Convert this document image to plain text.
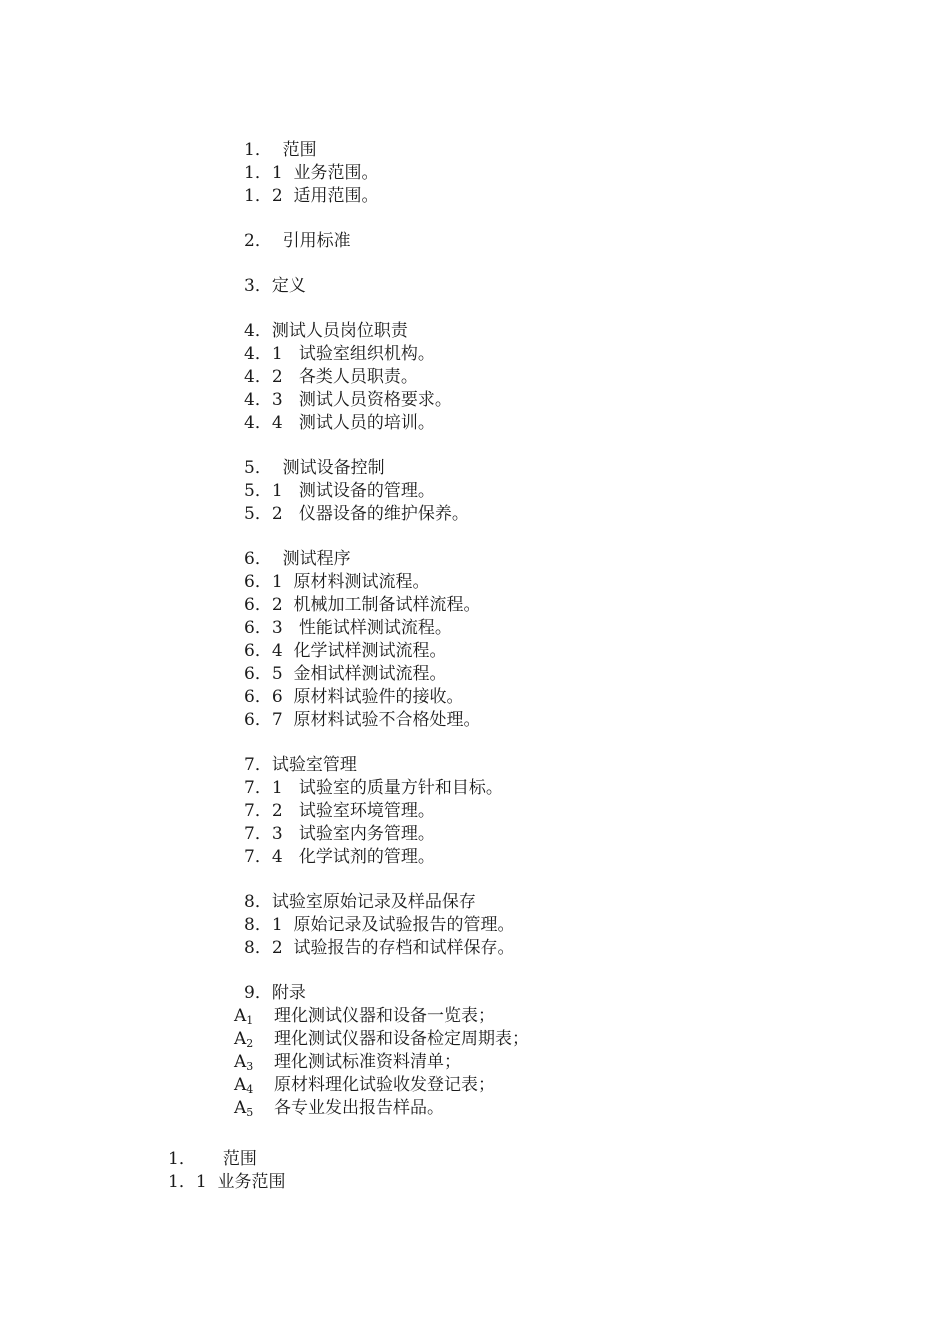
1．  范围
1．1  业务范围。
1．2  适用范围。
2．  引用标准
3．定义
4．测试人员岗位职责
4．1   试验室组织机构。
4．2   各类人员职责。
4．3   测试人员资格要求。
4．4   测试人员的培训。
5．  测试设备控制
5．1   测试设备的管理。
5．2   仪器设备的维护保养。
6．  测试程序
6．1  原材料测试流程。
6．2  机械加工制备试样流程。
6．3   性能试样测试流程。
6．4  化学试样测试流程。
6．5  金相试样测试流程。
6．6  原材料试验件的接收。
6．7  原材料试验不合格处理。
7．试验室管理
7．1   试验室的质量方针和目标。
7．2   试验室环境管理。
7．3   试验室内务管理。
7．4   化学试剂的管理。
8．试验室原始记录及样品保存
8．1  原始记录及试验报告的管理。
8．2  试验报告的存档和试样保存。
9．附录
$A_1$ 理化测试仪器和设备一览表；
$A_2$ 理化测试仪器和设备检定周期表；
$A_3$ 理化测试标准资料清单；
$A_4$ 原材料理化试验收发登记表；
$A_5$ 各专业发出报告样品。
1．     范围
1．1  业务范围
